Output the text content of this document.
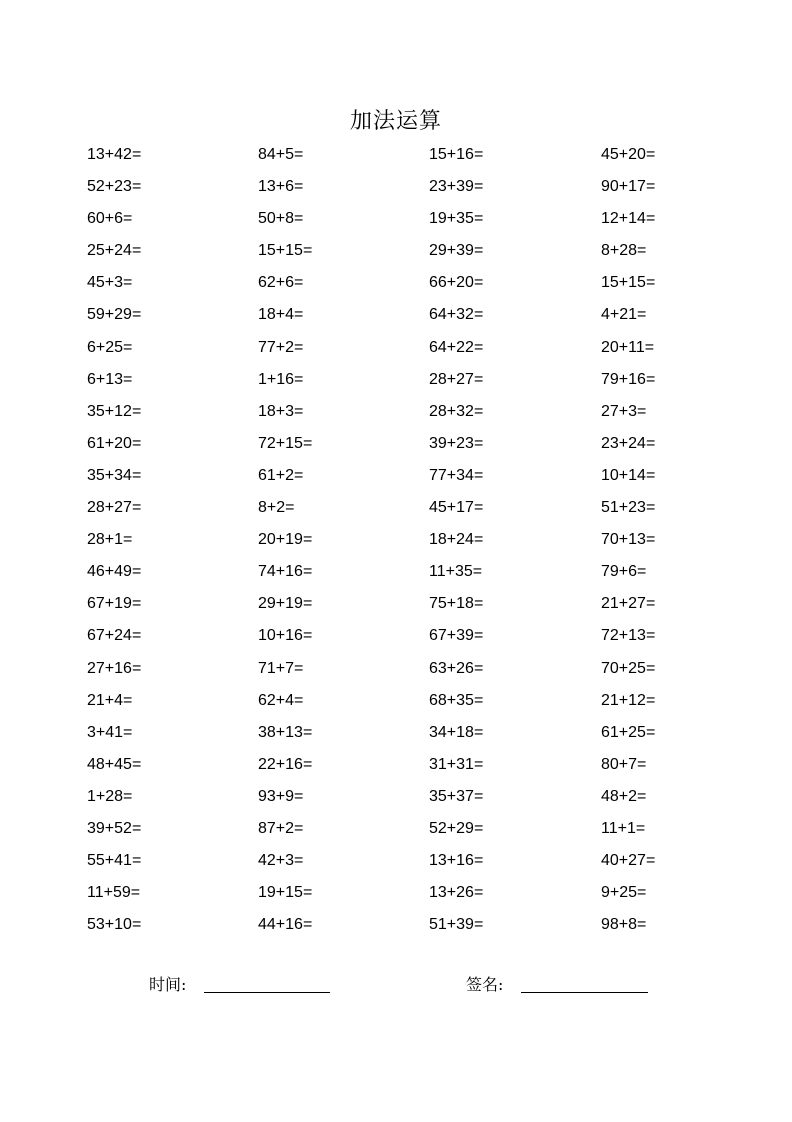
加法运算
13+42=	84+5=	15+16=	45+20=
52+23=	13+6=	23+39=	90+17=
60+6=	50+8=	19+35=	12+14=
25+24=	15+15=	29+39=	8+28=
45+3=	62+6=	66+20=	15+15=
59+29=	18+4=	64+32=	4+21=
6+25=	77+2=	64+22=	20+11=
6+13=	1+16=	28+27=	79+16=
35+12=	18+3=	28+32=	27+3=
61+20=	72+15=	39+23=	23+24=
35+34=	61+2=	77+34=	10+14=
28+27=	8+2=	45+17=	51+23=
28+1=	20+19=	18+24=	70+13=
46+49=	74+16=	11+35=	79+6=
67+19=	29+19=	75+18=	21+27=
67+24=	10+16=	67+39=	72+13=
27+16=	71+7=	63+26=	70+25=
21+4=	62+4=	68+35=	21+12=
3+41=	38+13=	34+18=	61+25=
48+45=	22+16=	31+31=	80+7=
1+28=	93+9=	35+37=	48+2=
39+52=	87+2=	52+29=	11+1=
55+41=	42+3=	13+16=	40+27=
11+59=	19+15=	13+26=	9+25=
53+10=	44+16=	51+39=	98+8=
时间:	签名:
